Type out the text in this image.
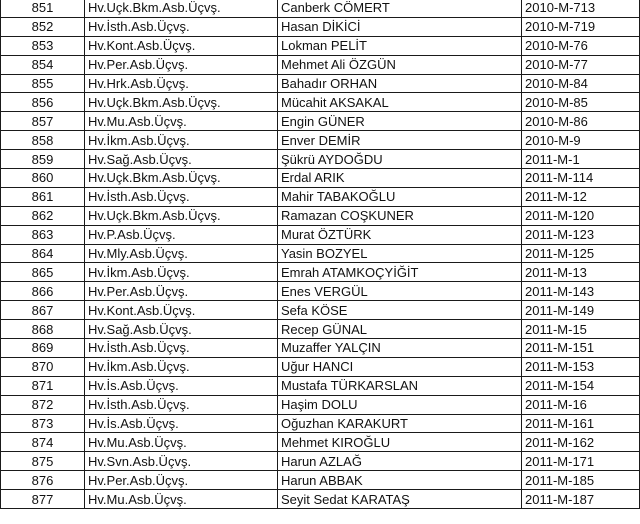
851	Hv.Uçk.Bkm.Asb.Üçvş.	Canberk CÖMERT	2010-M-713
852	Hv.İsth.Asb.Üçvş.	Hasan DİKİCİ	2010-M-719
853	Hv.Kont.Asb.Üçvş.	Lokman PELİT	2010-M-76
854	Hv.Per.Asb.Üçvş.	Mehmet Ali ÖZGÜN	2010-M-77
855	Hv.Hrk.Asb.Üçvş.	Bahadır ORHAN	2010-M-84
856	Hv.Uçk.Bkm.Asb.Üçvş.	Mücahit AKSAKAL	2010-M-85
857	Hv.Mu.Asb.Üçvş.	Engin GÜNER	2010-M-86
858	Hv.İkm.Asb.Üçvş.	Enver DEMİR	2010-M-9
859	Hv.Sağ.Asb.Üçvş.	Şükrü AYDOĞDU	2011-M-1
860	Hv.Uçk.Bkm.Asb.Üçvş.	Erdal ARIK	2011-M-114
861	Hv.İsth.Asb.Üçvş.	Mahir TABAKOĞLU	2011-M-12
862	Hv.Uçk.Bkm.Asb.Üçvş.	Ramazan COŞKUNER	2011-M-120
863	Hv.P.Asb.Üçvş.	Murat ÖZTÜRK	2011-M-123
864	Hv.Mly.Asb.Üçvş.	Yasin BOZYEL	2011-M-125
865	Hv.İkm.Asb.Üçvş.	Emrah ATAMKOÇYİĞİT	2011-M-13
866	Hv.Per.Asb.Üçvş.	Enes VERGÜL	2011-M-143
867	Hv.Kont.Asb.Üçvş.	Sefa KÖSE	2011-M-149
868	Hv.Sağ.Asb.Üçvş.	Recep GÜNAL	2011-M-15
869	Hv.İsth.Asb.Üçvş.	Muzaffer YALÇIN	2011-M-151
870	Hv.İkm.Asb.Üçvş.	Uğur HANCI	2011-M-153
871	Hv.İs.Asb.Üçvş.	Mustafa TÜRKARSLAN	2011-M-154
872	Hv.İsth.Asb.Üçvş.	Haşim DOLU	2011-M-16
873	Hv.İs.Asb.Üçvş.	Oğuzhan KARAKURT	2011-M-161
874	Hv.Mu.Asb.Üçvş.	Mehmet KIROĞLU	2011-M-162
875	Hv.Svn.Asb.Üçvş.	Harun AZLAĞ	2011-M-171
876	Hv.Per.Asb.Üçvş.	Harun ABBAK	2011-M-185
877	Hv.Mu.Asb.Üçvş.	Seyit Sedat KARATAŞ	2011-M-187
